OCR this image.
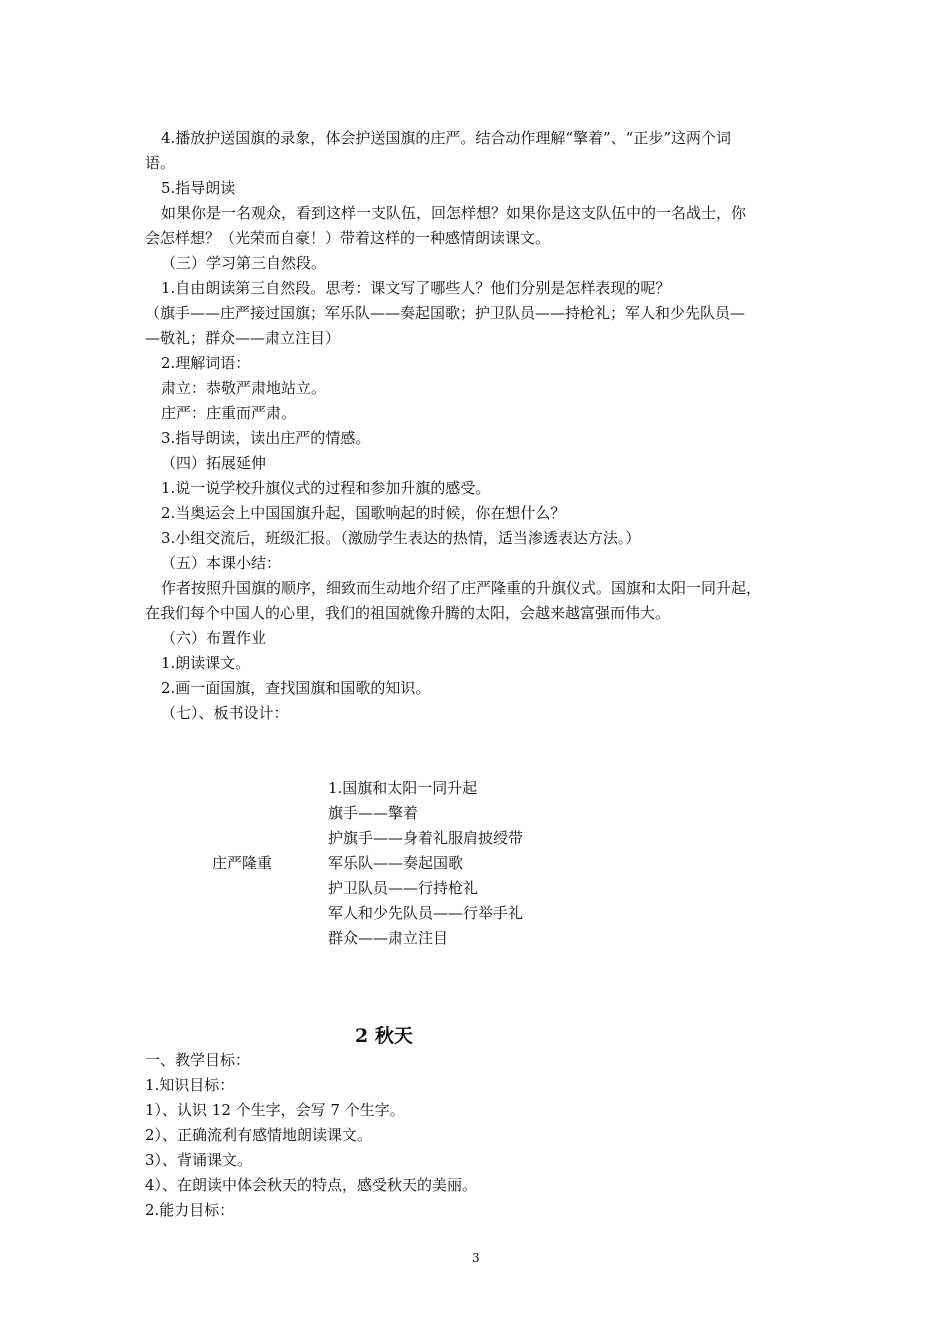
4.播放护送国旗的录象，体会护送国旗的庄严。结合动作理解“擎着”、“正步”这两个词
语。
5.指导朗读
如果你是一名观众，看到这样一支队伍，回怎样想？如果你是这支队伍中的一名战士，你
会怎样想？（光荣而自豪！）带着这样的一种感情朗读课文。
（三）学习第三自然段。
1.自由朗读第三自然段。思考：课文写了哪些人？他们分别是怎样表现的呢？
（旗手——庄严接过国旗；军乐队——奏起国歌；护卫队员——持枪礼；军人和少先队员—
—敬礼；群众——肃立注目）
2.理解词语：
肃立：恭敬严肃地站立。
庄严：庄重而严肃。
3.指导朗读，读出庄严的情感。
（四）拓展延伸
1.说一说学校升旗仪式的过程和参加升旗的感受。
2.当奥运会上中国国旗升起，国歌响起的时候，你在想什么？
3.小组交流后，班级汇报。（激励学生表达的热情，适当渗透表达方法。）
（五）本课小结：
作者按照升国旗的顺序，细致而生动地介绍了庄严隆重的升旗仪式。国旗和太阳一同升起，
在我们每个中国人的心里，我们的祖国就像升腾的太阳，会越来越富强而伟大。
（六）布置作业
1.朗读课文。
2.画一面国旗，查找国旗和国歌的知识。
（七）、板书设计：
庄严隆重
1.国旗和太阳一同升起
旗手——擎着
护旗手——身着礼服肩披绶带
军乐队——奏起国歌
护卫队员——行持枪礼
军人和少先队员——行举手礼
群众——肃立注目
2 秋天
一、教学目标：
1.知识目标：
1）、认识 12 个生字，会写 7 个生字。
2）、正确流利有感情地朗读课文。
3）、背诵课文。
4）、在朗读中体会秋天的特点，感受秋天的美丽。
2.能力目标：
3
